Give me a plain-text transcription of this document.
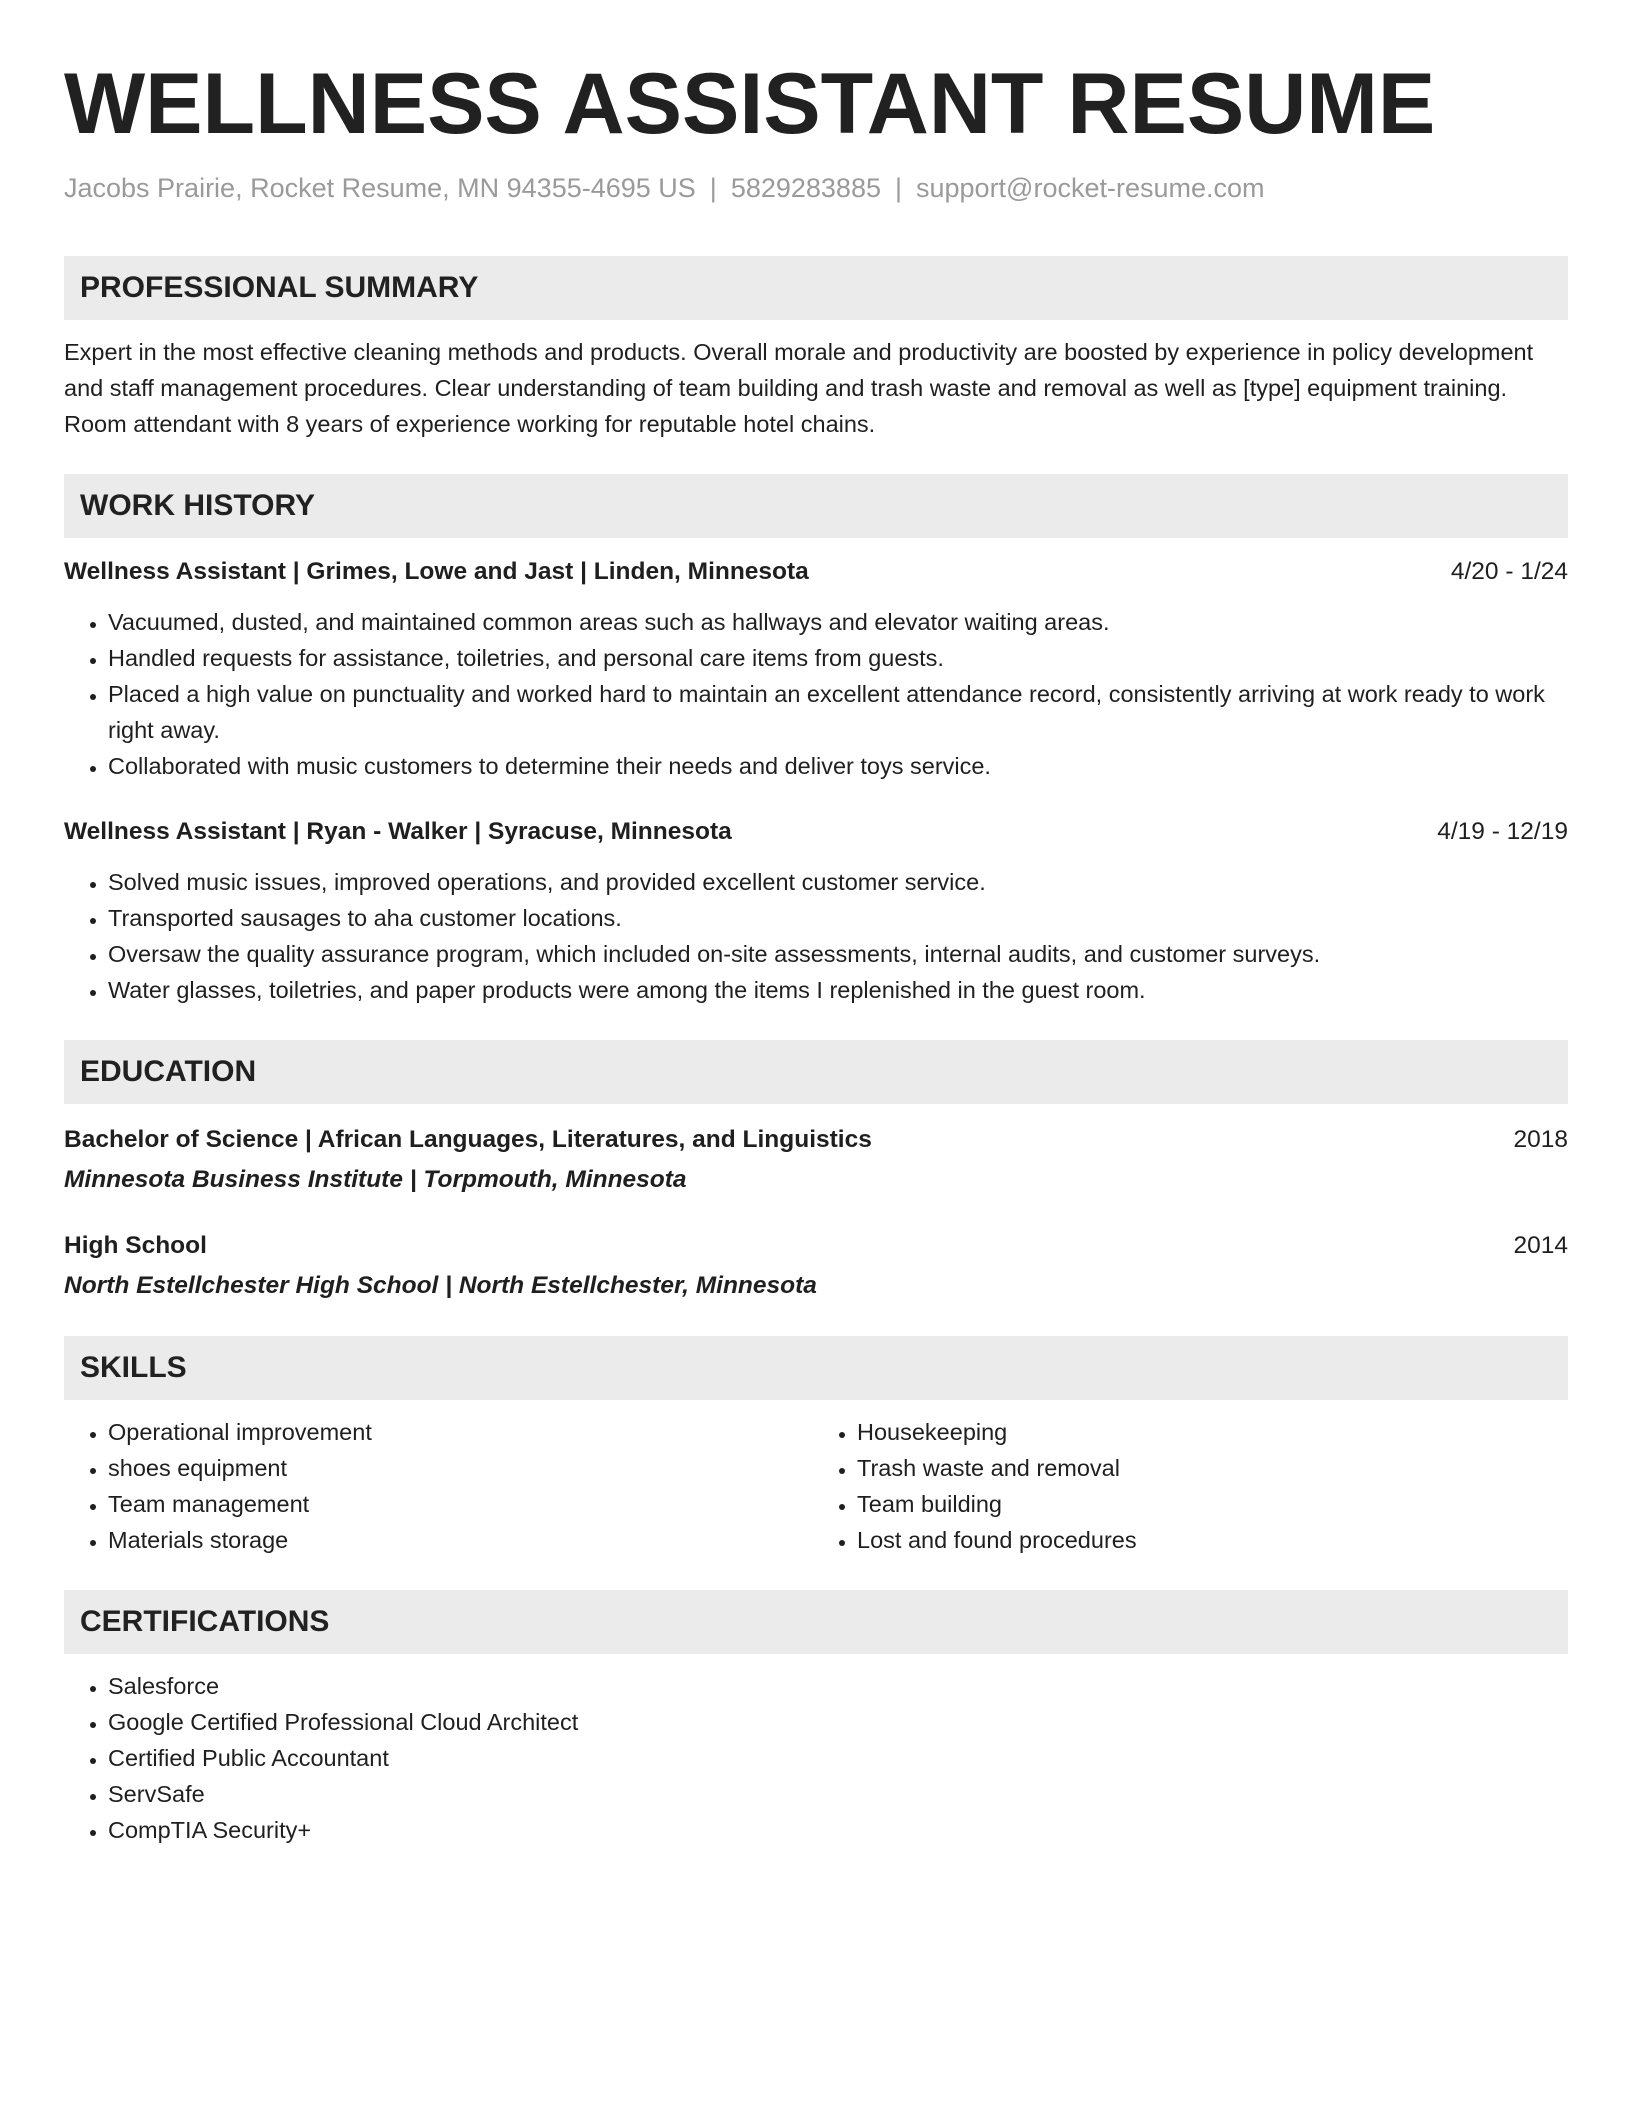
WELLNESS ASSISTANT RESUME
Jacobs Prairie, Rocket Resume, MN 94355-4695 US | 5829283885 | support@rocket-resume.com
PROFESSIONAL SUMMARY
Expert in the most effective cleaning methods and products. Overall morale and productivity are boosted by experience in policy development and staff management procedures. Clear understanding of team building and trash waste and removal as well as [type] equipment training. Room attendant with 8 years of experience working for reputable hotel chains.
WORK HISTORY
Wellness Assistant | Grimes, Lowe and Jast | Linden, Minnesota	4/20 - 1/24
• Vacuumed, dusted, and maintained common areas such as hallways and elevator waiting areas.
• Handled requests for assistance, toiletries, and personal care items from guests.
• Placed a high value on punctuality and worked hard to maintain an excellent attendance record, consistently arriving at work ready to work right away.
• Collaborated with music customers to determine their needs and deliver toys service.
Wellness Assistant | Ryan - Walker | Syracuse, Minnesota	4/19 - 12/19
• Solved music issues, improved operations, and provided excellent customer service.
• Transported sausages to aha customer locations.
• Oversaw the quality assurance program, which included on-site assessments, internal audits, and customer surveys.
• Water glasses, toiletries, and paper products were among the items I replenished in the guest room.
EDUCATION
Bachelor of Science | African Languages, Literatures, and Linguistics	2018
Minnesota Business Institute | Torpmouth, Minnesota
High School	2014
North Estellchester High School | North Estellchester, Minnesota
SKILLS
• Operational improvement
• shoes equipment
• Team management
• Materials storage
• Housekeeping
• Trash waste and removal
• Team building
• Lost and found procedures
CERTIFICATIONS
• Salesforce
• Google Certified Professional Cloud Architect
• Certified Public Accountant
• ServSafe
• CompTIA Security+
